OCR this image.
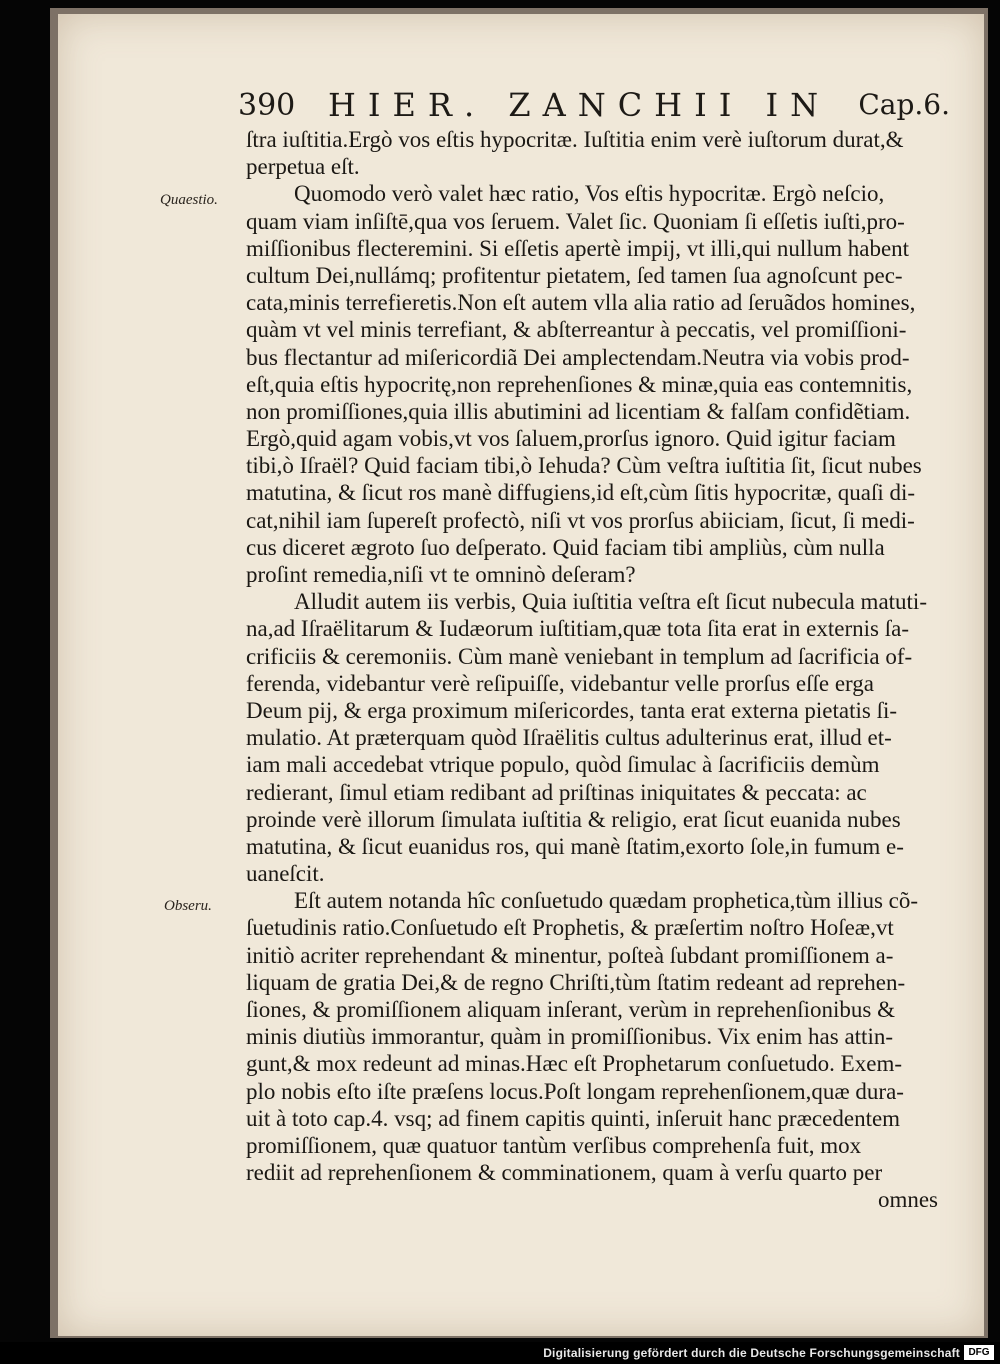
390 HIER. ZANCHII IN Cap.6.
Quaestio.
Obseru.
ſtra iuſtitia.Ergò vos eſtis hypocritæ. Iuſtitia enim verè iuſtorum durat,&
perpetua eſt.
Quomodo verò valet hæc ratio, Vos eſtis hypocritæ. Ergò neſcio,
quam viam inſiſtē,qua vos ſeruem. Valet ſic. Quoniam ſi eſſetis iuſti,pro-
miſſionibus flecteremini. Si eſſetis apertè impij, vt illi,qui nullum habent
cultum Dei,nullámq; profitentur pietatem, ſed tamen ſua agnoſcunt pec-
cata,minis terrefieretis.Non eſt autem vlla alia ratio ad ſeruãdos homines,
quàm vt vel minis terrefiant, & abſterreantur à peccatis, vel promiſſioni-
bus flectantur ad miſericordiã Dei amplectendam.Neutra via vobis prod-
eſt,quia eſtis hypocritę,non reprehenſiones & minæ,quia eas contemnitis,
non promiſſiones,quia illis abutimini ad licentiam & falſam confidẽtiam.
Ergò,quid agam vobis,vt vos ſaluem,prorſus ignoro. Quid igitur faciam
tibi,ò Iſraël? Quid faciam tibi,ò Iehuda? Cùm veſtra iuſtitia ſit, ſicut nubes
matutina, & ſicut ros manè diffugiens,id eſt,cùm ſitis hypocritæ, quaſi di-
cat,nihil iam ſupereſt profectò, niſi vt vos prorſus abiiciam, ſicut, ſi medi-
cus diceret ægroto ſuo deſperato. Quid faciam tibi ampliùs, cùm nulla
proſint remedia,niſi vt te omninò deſeram?
Alludit autem iis verbis, Quia iuſtitia veſtra eſt ſicut nubecula matuti-
na,ad Iſraëlitarum & Iudæorum iuſtitiam,quæ tota ſita erat in externis ſa-
crificiis & ceremoniis. Cùm manè veniebant in templum ad ſacrificia of-
ferenda, videbantur verè reſipuiſſe, videbantur velle prorſus eſſe erga
Deum pij, & erga proximum miſericordes, tanta erat externa pietatis ſi-
mulatio. At præterquam quòd Iſraëlitis cultus adulterinus erat, illud et-
iam mali accedebat vtrique populo, quòd ſimulac à ſacrificiis demùm
redierant, ſimul etiam redibant ad priſtinas iniquitates & peccata: ac
proinde verè illorum ſimulata iuſtitia & religio, erat ſicut euanida nubes
matutina, & ſicut euanidus ros, qui manè ſtatim,exorto ſole,in fumum e-
uaneſcit.
Eſt autem notanda hîc conſuetudo quædam prophetica,tùm illius cõ-
ſuetudinis ratio.Conſuetudo eſt Prophetis, & præſertim noſtro Hoſeæ,vt
initiò acriter reprehendant & minentur, poſteà ſubdant promiſſionem a-
liquam de gratia Dei,& de regno Chriſti,tùm ſtatim redeant ad reprehen-
ſiones, & promiſſionem aliquam inſerant, verùm in reprehenſionibus &
minis diutiùs immorantur, quàm in promiſſionibus. Vix enim has attin-
gunt,& mox redeunt ad minas.Hæc eſt Prophetarum conſuetudo. Exem-
plo nobis eſto iſte præſens locus.Poſt longam reprehenſionem,quæ dura-
uit à toto cap.4. vsq; ad finem capitis quinti, inſeruit hanc præcedentem
promiſſionem, quæ quatuor tantùm verſibus comprehenſa fuit, mox
rediit ad reprehenſionem & comminationem, quam à verſu quarto per
omnes
Digitalisierung gefördert durch die Deutsche Forschungsgemeinschaft DFG
